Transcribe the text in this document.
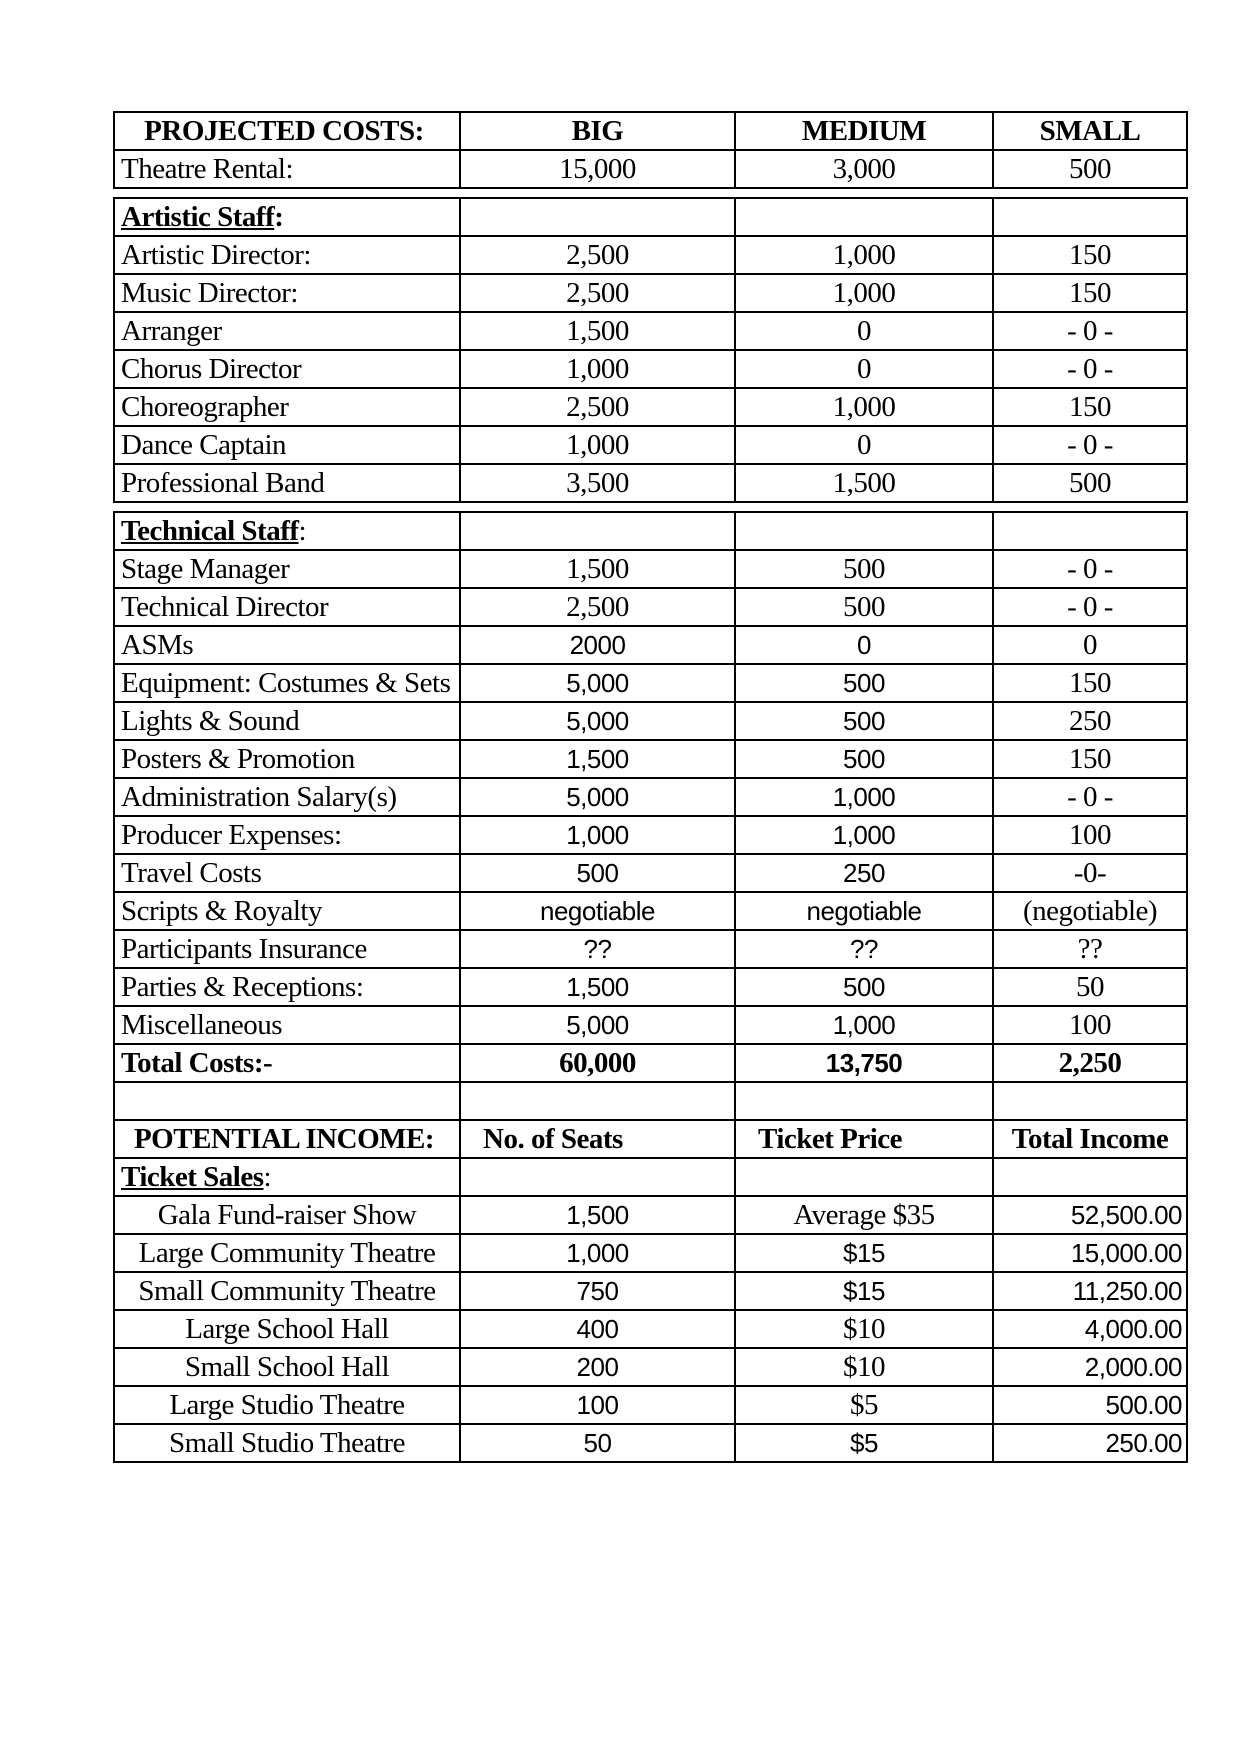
PROJECTED COSTS:	BIG	MEDIUM	SMALL
Theatre Rental:	15,000	3,000	500

Artistic Staff:			
Artistic Director:	2,500	1,000	150
Music Director:	2,500	1,000	150
Arranger	1,500	0	- 0 -
Chorus Director	1,000	0	- 0 -
Choreographer	2,500	1,000	150
Dance Captain	1,000	0	- 0 -
Professional Band	3,500	1,500	500

Technical Staff:			
Stage Manager	1,500	500	- 0 -
Technical Director	2,500	500	- 0 -
ASMs	2000	0	0
Equipment: Costumes & Sets	5,000	500	150
Lights & Sound	5,000	500	250
Posters & Promotion	1,500	500	150
Administration Salary(s)	5,000	1,000	- 0 -
Producer Expenses:	1,000	1,000	100
Travel Costs	500	250	-0-
Scripts & Royalty	negotiable	negotiable	(negotiable)
Participants Insurance	??	??	??
Parties & Receptions:	1,500	500	50
Miscellaneous	5,000	1,000	100
Total Costs:-	60,000	13,750	2,250

POTENTIAL INCOME:	No. of Seats	Ticket Price	Total Income
Ticket Sales:			
Gala Fund-raiser Show	1,500	Average $35	52,500.00
Large Community Theatre	1,000	$15	15,000.00
Small Community Theatre	750	$15	11,250.00
Large School Hall	400	$10	4,000.00
Small School Hall	200	$10	2,000.00
Large Studio Theatre	100	$5	500.00
Small Studio Theatre	50	$5	250.00
